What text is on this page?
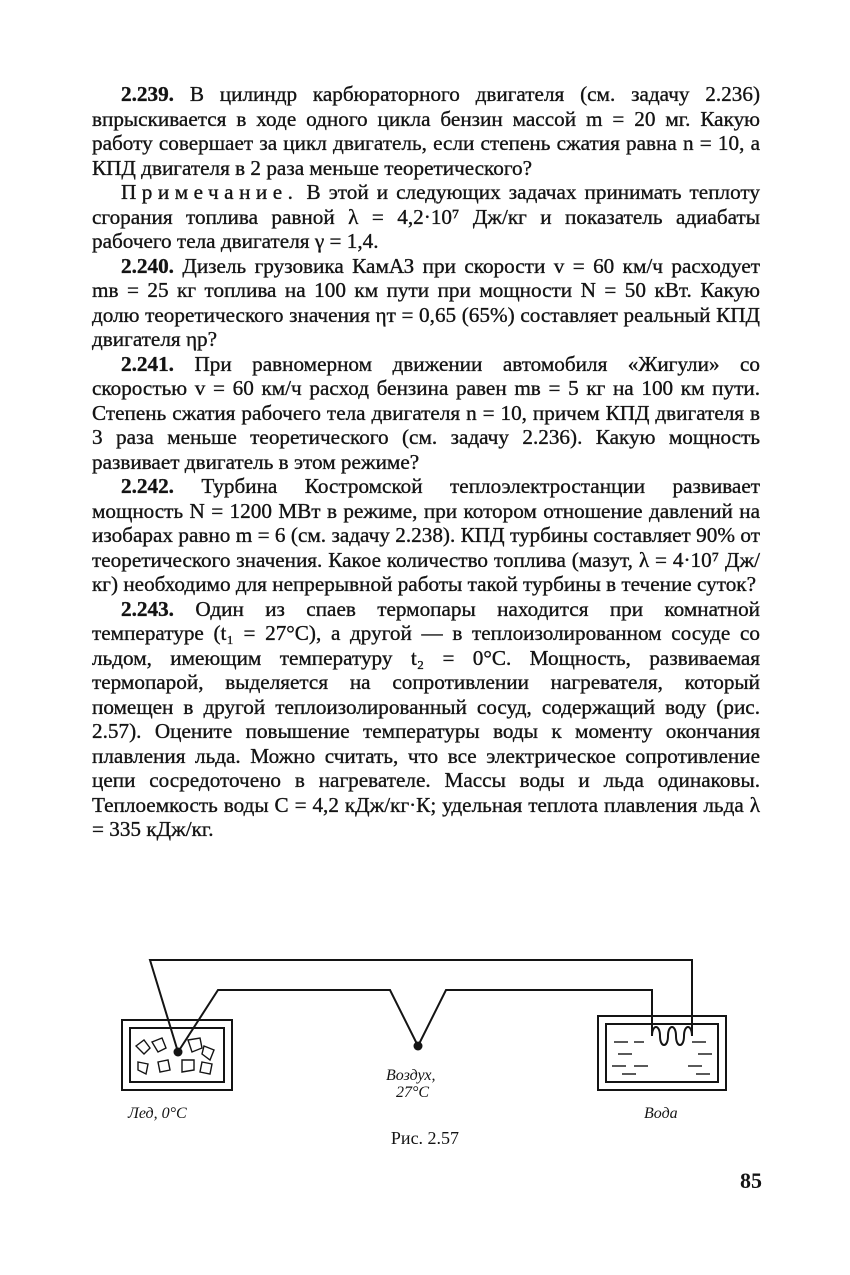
2.239. В цилиндр карбюраторного двигателя (см. задачу 2.236) впрыскивается в ходе одного цикла бензин массой m = 20 мг. Какую работу совершает за цикл двигатель, если степень сжатия равна n = 10, а КПД двигателя в 2 раза меньше теоретического?

Примечание. В этой и следующих задачах принимать теплоту сгорания топлива равной λ = 4,2·10⁷ Дж/кг и показатель адиабаты рабочего тела двигателя γ = 1,4.

2.240. Дизель грузовика КамАЗ при скорости v = 60 км/ч расходует mв = 25 кг топлива на 100 км пути при мощности N = 50 кВт. Какую долю теоретического значения ηт = 0,65 (65%) составляет реальный КПД двигателя ηр?

2.241. При равномерном движении автомобиля «Жигули» со скоростью v = 60 км/ч расход бензина равен mв = 5 кг на 100 км пути. Степень сжатия рабочего тела двигателя n = 10, причем КПД двигателя в 3 раза меньше теоретического (см. задачу 2.236). Какую мощность развивает двигатель в этом режиме?

2.242. Турбина Костромской теплоэлектростанции развивает мощность N = 1200 МВт в режиме, при котором отношение давлений на изобарах равно m = 6 (см. задачу 2.238). КПД турбины составляет 90% от теоретического значения. Какое количество топлива (мазут, λ = 4·10⁷ Дж/кг) необходимо для непрерывной работы такой турбины в течение суток?

2.243. Один из спаев термопары находится при комнатной температуре (t₁ = 27°C), а другой — в теплоизолированном сосуде со льдом, имеющим температуру t₂ = 0°C. Мощность, развиваемая термопарой, выделяется на сопротивлении нагревателя, который помещен в другой теплоизолированный сосуд, содержащий воду (рис. 2.57). Оцените повышение температуры воды к моменту окончания плавления льда. Можно считать, что все электрическое сопротивление цепи сосредоточено в нагревателе. Массы воды и льда одинаковы. Теплоемкость воды C = 4,2 кДж/кг·К; удельная теплота плавления льда λ = 335 кДж/кг.

Лед, 0°C
Воздух,
27°C
Вода
Рис. 2.57
85
